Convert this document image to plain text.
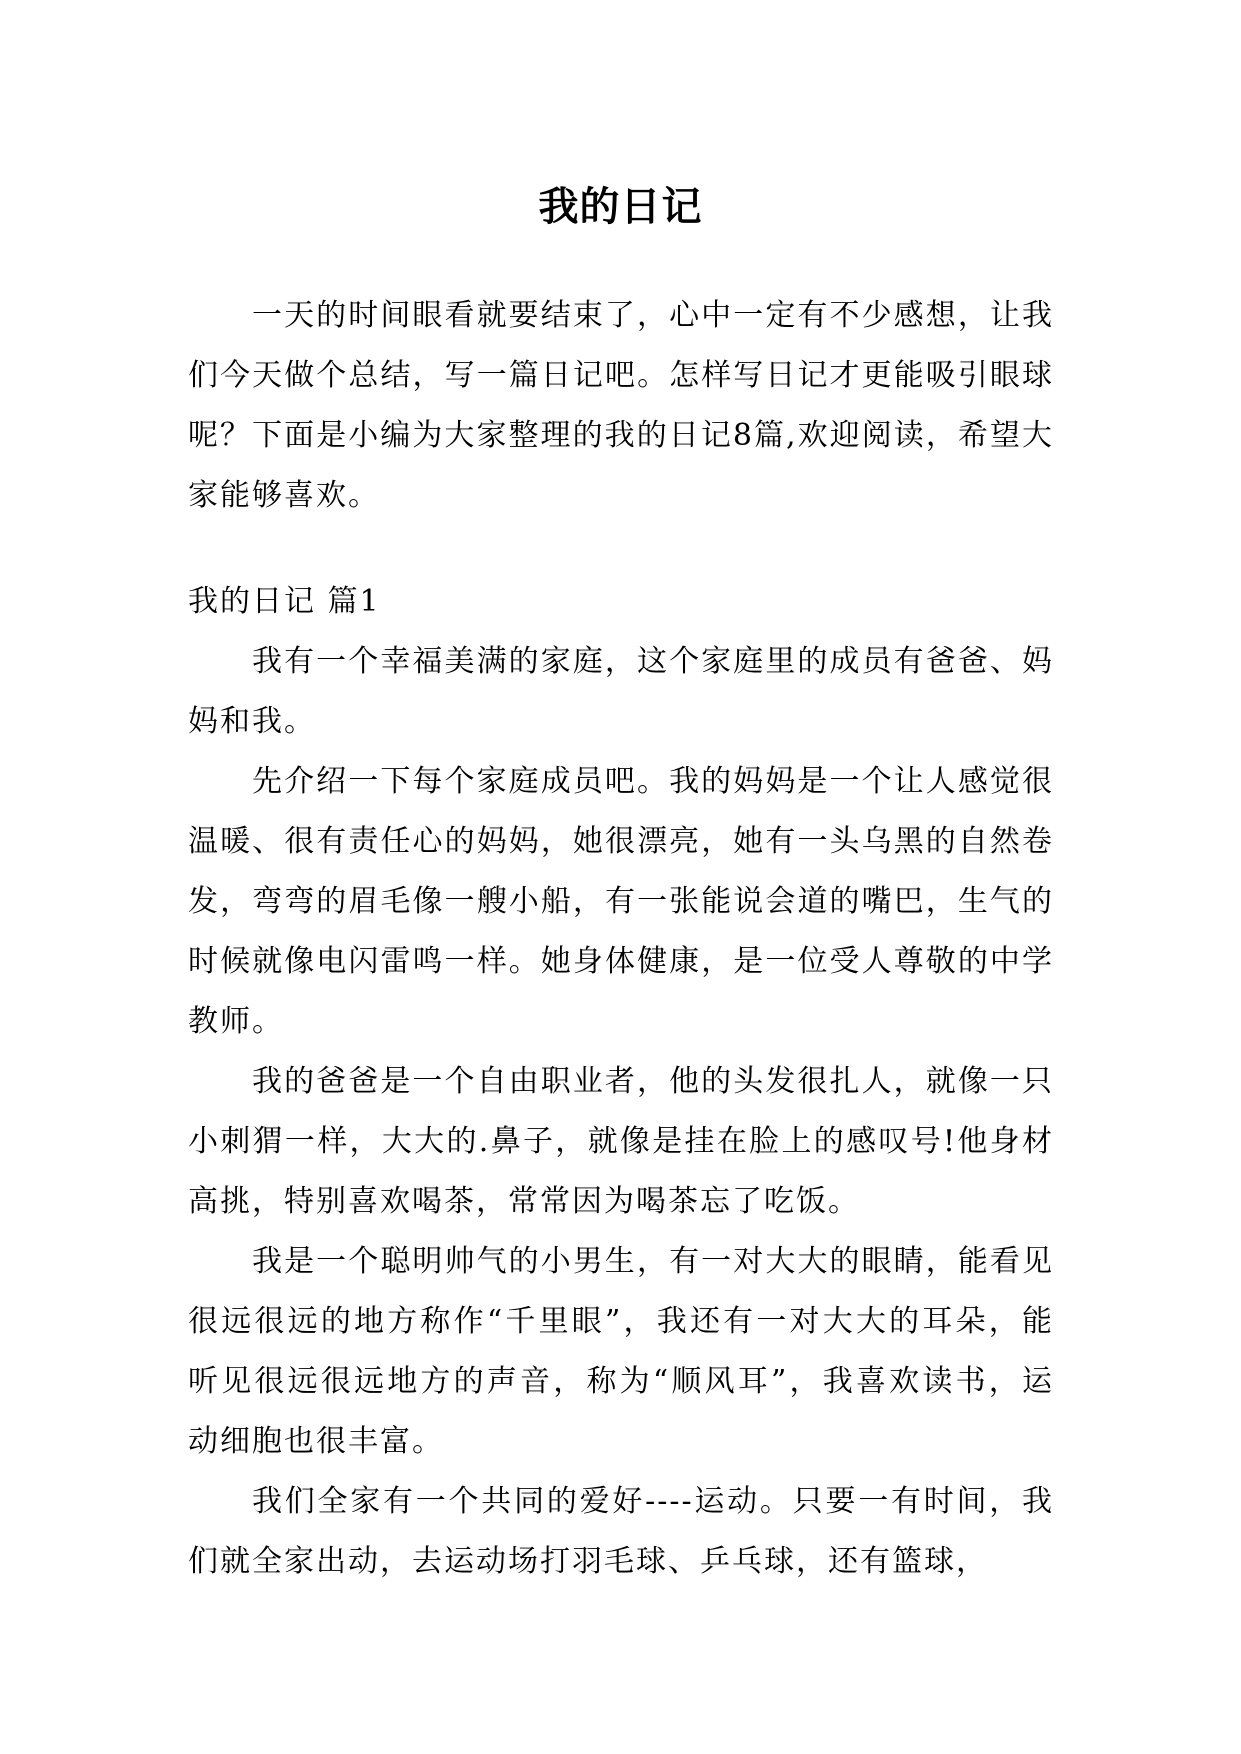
我的日记

一天的时间眼看就要结束了，心中一定有不少感想，让我们今天做个总结，写一篇日记吧。怎样写日记才更能吸引眼球呢？下面是小编为大家整理的我的日记8篇,欢迎阅读，希望大家能够喜欢。

我的日记 篇1

我有一个幸福美满的家庭，这个家庭里的成员有爸爸、妈妈和我。

先介绍一下每个家庭成员吧。我的妈妈是一个让人感觉很温暖、很有责任心的妈妈，她很漂亮，她有一头乌黑的自然卷发，弯弯的眉毛像一艘小船，有一张能说会道的嘴巴，生气的时候就像电闪雷鸣一样。她身体健康，是一位受人尊敬的中学教师。

我的爸爸是一个自由职业者，他的头发很扎人，就像一只小刺猬一样，大大的.鼻子，就像是挂在脸上的感叹号!他身材高挑，特别喜欢喝茶，常常因为喝茶忘了吃饭。

我是一个聪明帅气的小男生，有一对大大的眼睛，能看见很远很远的地方称作“千里眼”，我还有一对大大的耳朵，能听见很远很远地方的声音，称为“顺风耳”，我喜欢读书，运动细胞也很丰富。

我们全家有一个共同的爱好----运动。只要一有时间，我们就全家出动，去运动场打羽毛球、乒乓球，还有篮球，
